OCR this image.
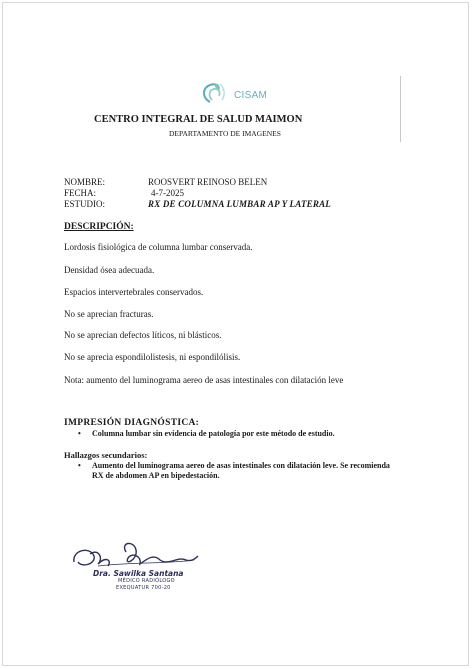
CISAM
CENTRO INTEGRAL DE SALUD MAIMON
DEPARTAMENTO DE IMAGENES
NOMBRE:	ROOSVERT REINOSO BELEN
FECHA:	4-7-2025
ESTUDIO:	RX DE COLUMNA LUMBAR AP Y LATERAL
DESCRIPCIÓN:
Lordosis fisiológica de columna lumbar conservada.
Densidad ósea adecuada.
Espacios intervertebrales conservados.
No se aprecian fracturas.
No se aprecian defectos líticos, ni blásticos.
No se aprecia espondilolistesis, ni espondilólisis.
Nota: aumento del luminograma aereo de asas intestinales con dilatación leve
IMPRESIÓN DIAGNÓSTICA:
• Columna lumbar sin evidencia de patología por este método de estudio.
Hallazgos secundarios:
• Aumento del luminograma aereo de asas intestinales con dilatación leve. Se recomienda RX de abdomen AP en bipedestación.
Dra. Sawilka Santana
MÉDICO RADIÓLOGO
EXEQUATUR 700-20
